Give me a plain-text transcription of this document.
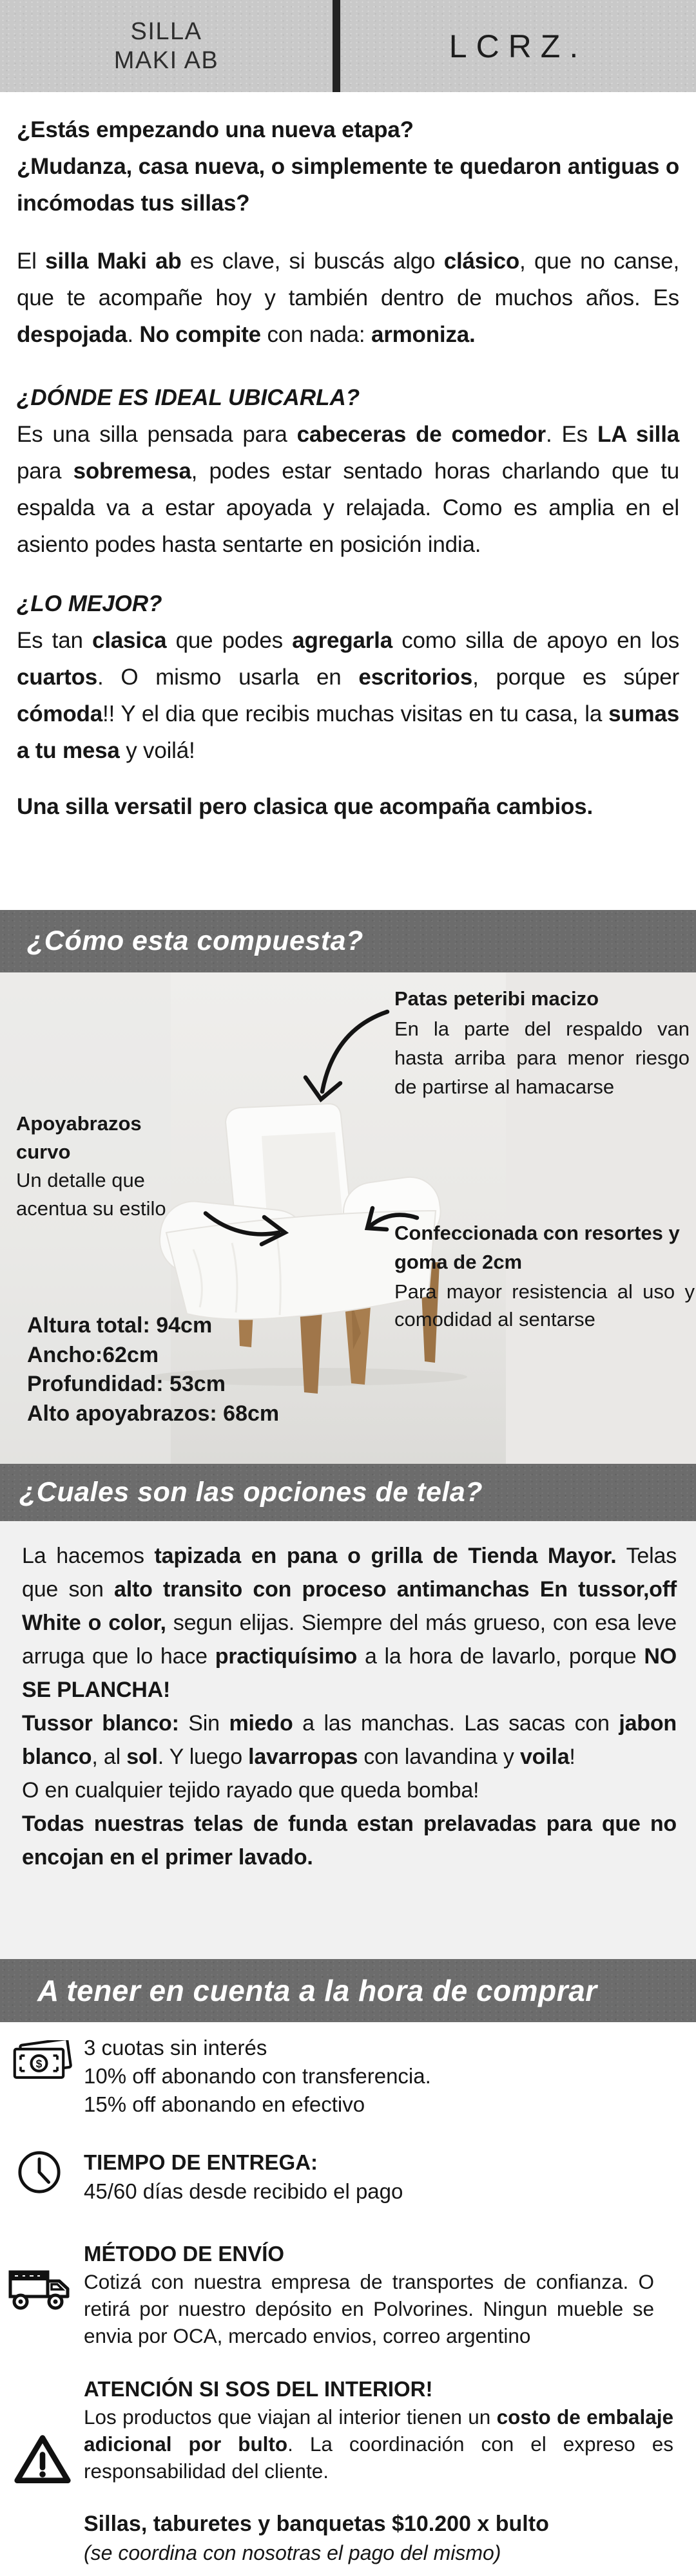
SILLA
MAKI AB	LCRZ.

¿Estás empezando una nueva etapa?
¿Mudanza, casa nueva, o simplemente te quedaron antiguas o incómodas tus sillas?

El silla Maki ab es clave, si buscás algo clásico, que no canse, que te acompañe hoy y también dentro de muchos años. Es despojada. No compite con nada: armoniza.

¿DÓNDE ES IDEAL UBICARLA?

Es una silla pensada para cabeceras de comedor. Es LA silla para sobremesa, podes estar sentado horas charlando que tu espalda va a estar apoyada y relajada. Como es amplia en el asiento podes hasta sentarte en posición india.

¿LO MEJOR?

Es tan clasica que podes agregarla como silla de apoyo en los cuartos. O mismo usarla en escritorios, porque es súper cómoda!! Y el dia que recibis muchas visitas en tu casa, la sumas a tu mesa y voilá!

Una silla versatil pero clasica que acompaña cambios.

¿Cómo esta compuesta?
Patas peteribi macizo
En la parte del respaldo van hasta arriba para menor riesgo de partirse al hamacarse
Apoyabrazos curvo
Un detalle que acentua su estilo
Confeccionada con resortes y goma de 2cm
Para mayor resistencia al uso y comodidad al sentarse
Altura total: 94cm
Ancho:62cm
Profundidad: 53cm
Alto apoyabrazos: 68cm
¿Cuales son las opciones de tela?

La hacemos tapizada en pana o grilla de Tienda Mayor. Telas que son alto transito con proceso antimanchas En tussor,off White o color, segun elijas. Siempre del más grueso, con esa leve arruga que lo hace practiquísimo a la hora de lavarlo, porque NO SE PLANCHA!

Tussor blanco: Sin miedo a las manchas. Las sacas con jabon blanco, al sol. Y luego lavarropas con lavandina y voila!

O en cualquier tejido rayado que queda bomba!

Todas nuestras telas de funda estan prelavadas para que no encojan en el primer lavado.

A tener en cuenta a la hora de comprar
$
3 cuotas sin interés
10% off abonando con transferencia.
15% off abonando en efectivo
TIEMPO DE ENTREGA:
45/60 días desde recibido el pago
MÉTODO DE ENVÍO
Cotizá con nuestra empresa de transportes de confianza. O retirá por nuestro depósito en Polvorines. Ningun mueble se envia por OCA, mercado envios, correo argentino
ATENCIÓN SI SOS DEL INTERIOR!
Los productos que viajan al interior tienen un costo de embalaje adicional por bulto. La coordinación con el expreso es responsabilidad del cliente.
Sillas, taburetes y banquetas $10.200 x bulto
(se coordina con nosotras el pago del mismo)
